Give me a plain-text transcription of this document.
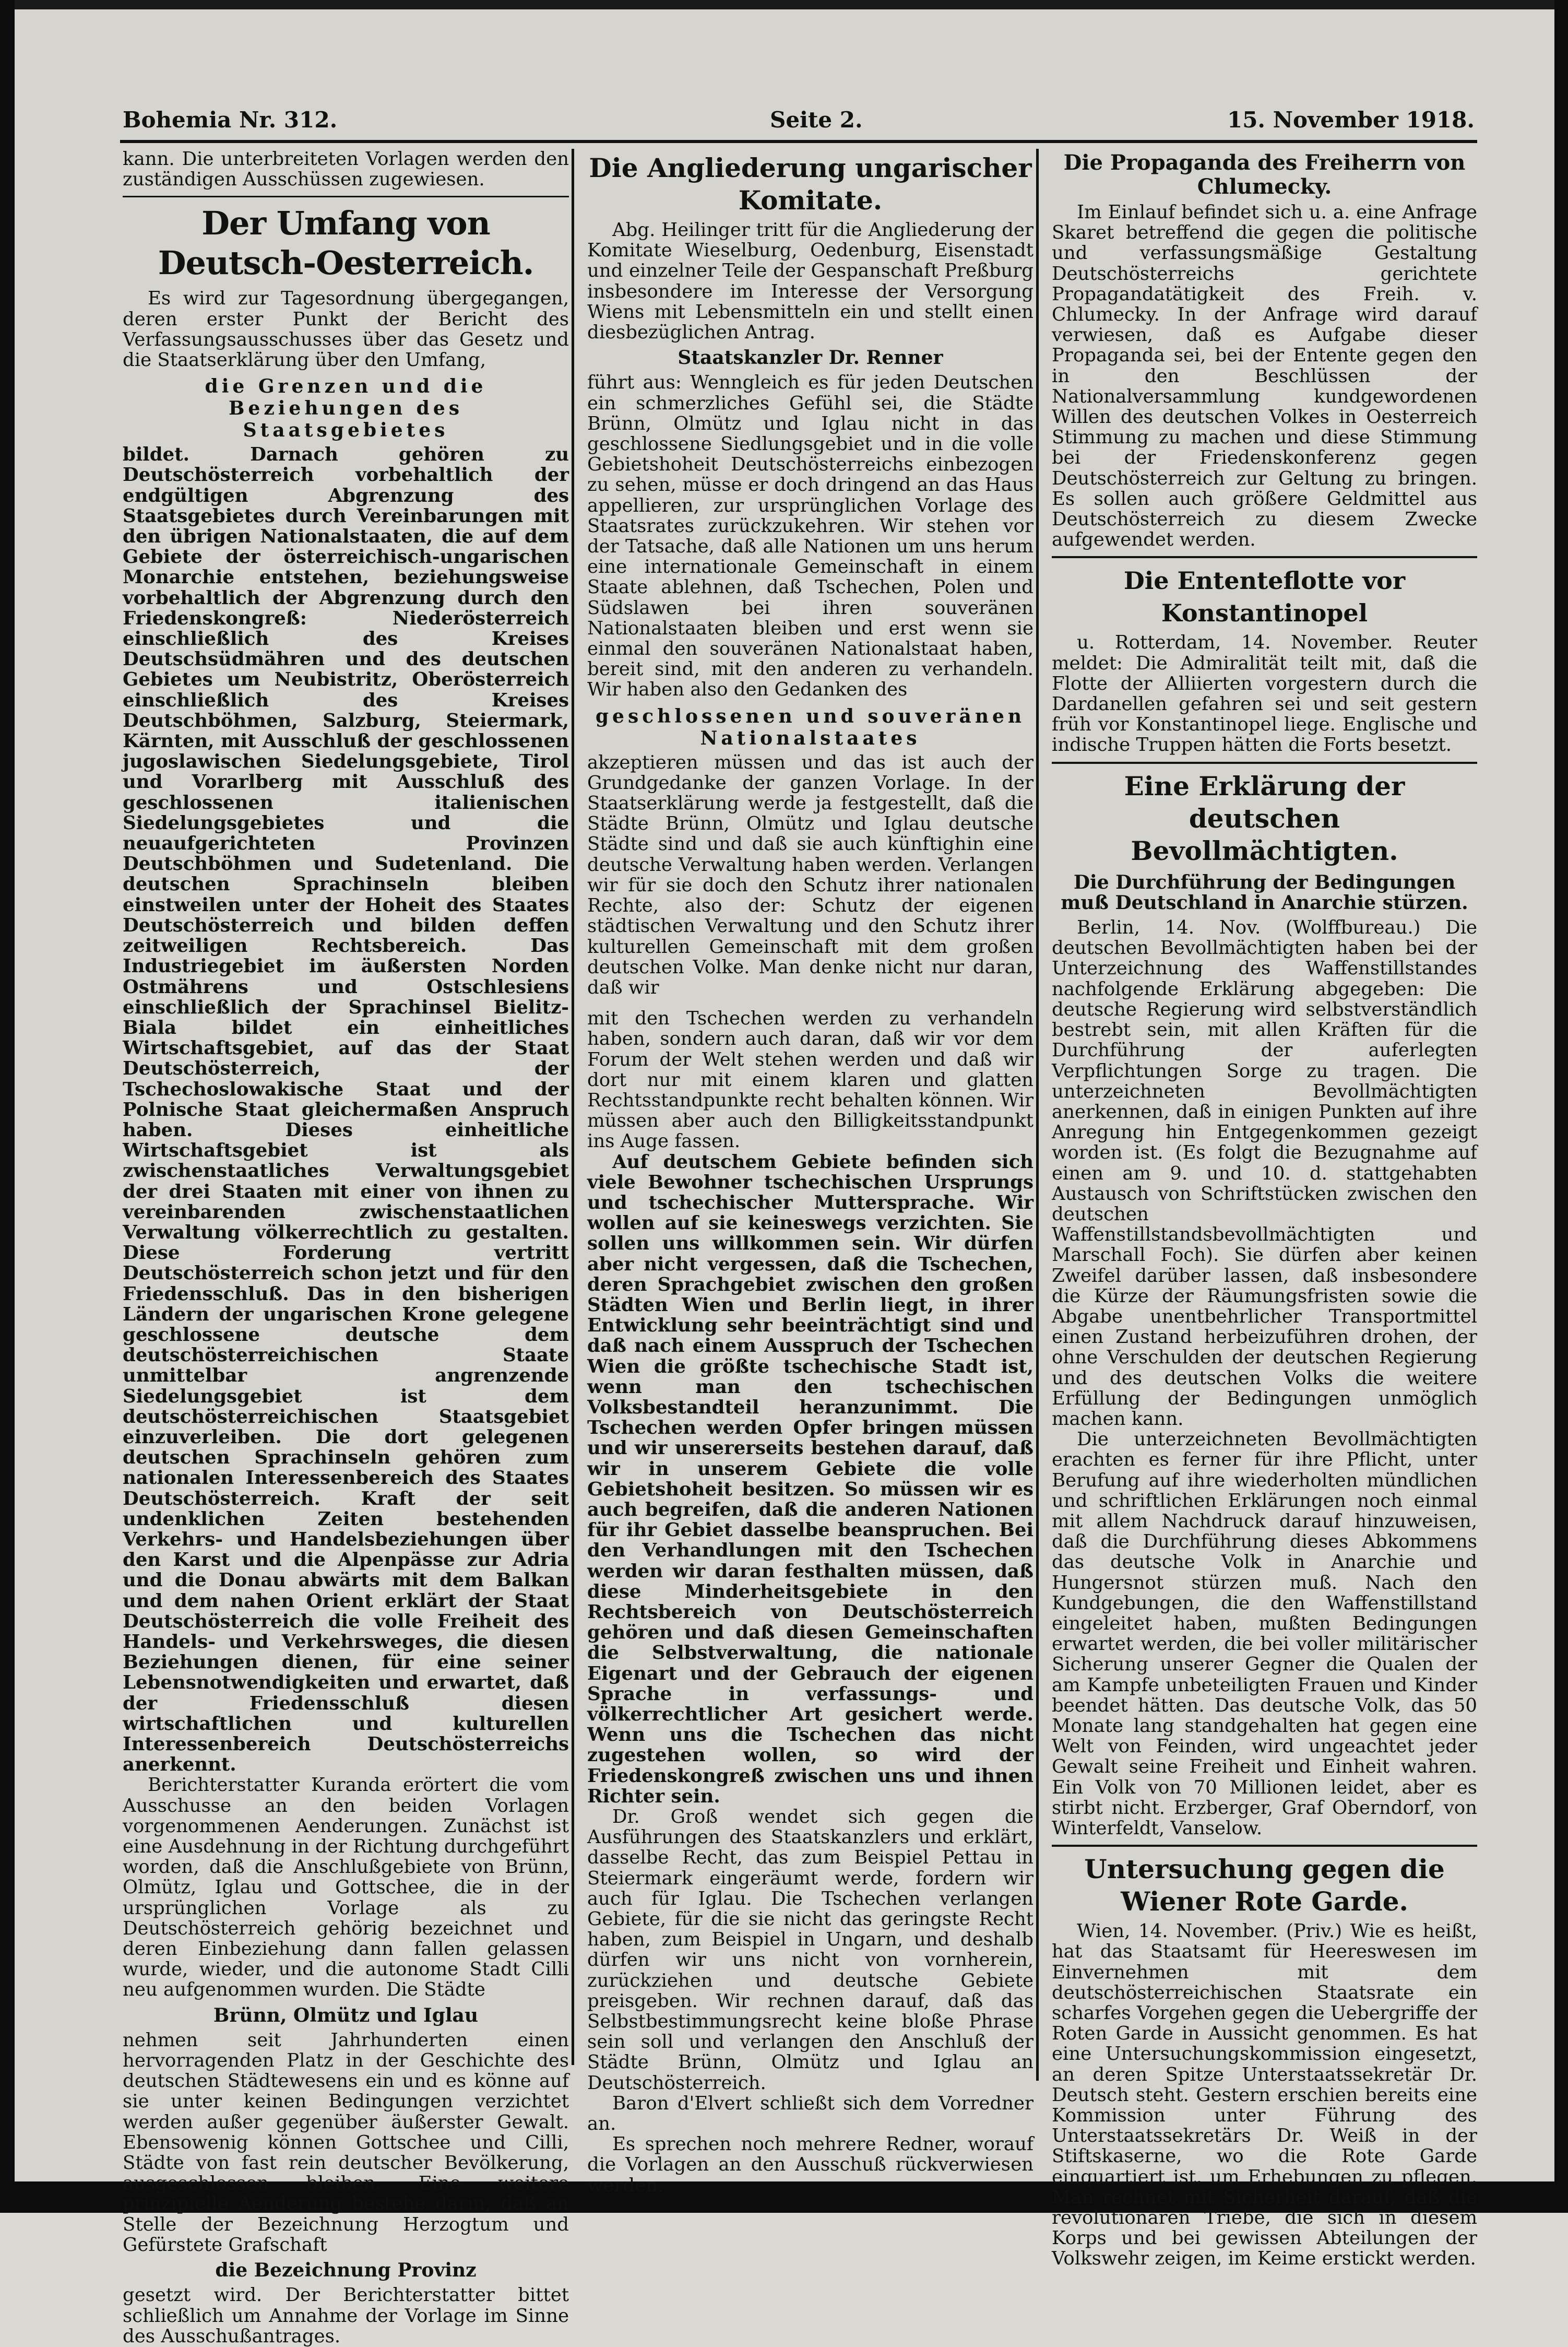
Bohemia Nr. 312.	Seite 2.	15. November 1918.

kann. Die unterbreiteten Vorlagen werden den zuständigen Ausschüssen zugewiesen.

Der Umfang von Deutsch-Oesterreich.

Es wird zur Tagesordnung übergegangen, deren erster Punkt der Bericht des Verfassungsausschusses über das Gesetz und die Staatserklärung über den Umfang,

die Grenzen und die Beziehungen des Staatsgebietes

bildet. Darnach gehören zu Deutschösterreich vorbehaltlich der endgültigen Abgrenzung des Staatsgebietes durch Vereinbarungen mit den übrigen Nationalstaaten, die auf dem Gebiete der österreichisch-ungarischen Monarchie entstehen, beziehungsweise vorbehaltlich der Abgrenzung durch den Friedenskongreß: Niederösterreich einschließlich des Kreises Deutschsüdmähren und des deutschen Gebietes um Neubistritz, Oberösterreich einschließlich des Kreises Deutschböhmen, Salzburg, Steiermark, Kärnten, mit Ausschluß der geschlossenen jugoslawischen Siedelungsgebiete, Tirol und Vorarlberg mit Ausschluß des geschlossenen italienischen Siedelungsgebietes und die neuaufgerichteten Provinzen Deutschböhmen und Sudetenland. Die deutschen Sprachinseln bleiben einstweilen unter der Hoheit des Staates Deutschösterreich und bilden deffen zeitweiligen Rechtsbereich. Das Industriegebiet im äußersten Norden Ostmährens und Ostschlesiens einschließlich der Sprachinsel Bielitz-Biala bildet ein einheitliches Wirtschaftsgebiet, auf das der Staat Deutschösterreich, der Tschechoslowakische Staat und der Polnische Staat gleichermaßen Anspruch haben. Dieses einheitliche Wirtschaftsgebiet ist als zwischenstaatliches Verwaltungsgebiet der drei Staaten mit einer von ihnen zu vereinbarenden zwischenstaatlichen Verwaltung völkerrechtlich zu gestalten. Diese Forderung vertritt Deutschösterreich schon jetzt und für den Friedensschluß. Das in den bisherigen Ländern der ungarischen Krone gelegene geschlossene deutsche dem deutschösterreichischen Staate unmittelbar angrenzende Siedelungsgebiet ist dem deutschösterreichischen Staatsgebiet einzuverleiben. Die dort gelegenen deutschen Sprachinseln gehören zum nationalen Interessenbereich des Staates Deutschösterreich. Kraft der seit undenklichen Zeiten bestehenden Verkehrs- und Handelsbeziehungen über den Karst und die Alpenpässe zur Adria und die Donau abwärts mit dem Balkan und dem nahen Orient erklärt der Staat Deutschösterreich die volle Freiheit des Handels- und Verkehrsweges, die diesen Beziehungen dienen, für eine seiner Lebensnotwendigkeiten und erwartet, daß der Friedensschluß diesen wirtschaftlichen und kulturellen Interessenbereich Deutschösterreichs anerkennt.

Berichterstatter Kuranda erörtert die vom Ausschusse an den beiden Vorlagen vorgenommenen Aenderungen. Zunächst ist eine Ausdehnung in der Richtung durchgeführt worden, daß die Anschlußgebiete von Brünn, Olmütz, Iglau und Gottschee, die in der ursprünglichen Vorlage als zu Deutschösterreich gehörig bezeichnet und deren Einbeziehung dann fallen gelassen wurde, wieder, und die autonome Stadt Cilli neu aufgenommen wurden. Die Städte

Brünn, Olmütz und Iglau

nehmen seit Jahrhunderten einen hervorragenden Platz in der Geschichte des deutschen Städtewesens ein und es könne auf sie unter keinen Bedingungen verzichtet werden außer gegenüber äußerster Gewalt. Ebensowenig können Gottschee und Cilli, Städte von fast rein deutscher Bevölkerung, ausgeschlossen bleiben. Eine weitere prinzipielle Aenderung bestehe darin, daß an Stelle der Bezeichnung Herzogtum und Gefürstete Grafschaft

die Bezeichnung Provinz

gesetzt wird. Der Berichterstatter bittet schließlich um Annahme der Vorlage im Sinne des Ausschußantrages.

Die Angliederung ungarischer Komitate.

Abg. Heilinger tritt für die Angliederung der Komitate Wieselburg, Oedenburg, Eisenstadt und einzelner Teile der Gespanschaft Preßburg insbesondere im Interesse der Versorgung Wiens mit Lebensmitteln ein und stellt einen diesbezüglichen Antrag.

Staatskanzler Dr. Renner

führt aus: Wenngleich es für jeden Deutschen ein schmerzliches Gefühl sei, die Städte Brünn, Olmütz und Iglau nicht in das geschlossene Siedlungsgebiet und in die volle Gebietshoheit Deutschösterreichs einbezogen zu sehen, müsse er doch dringend an das Haus appellieren, zur ursprünglichen Vorlage des Staatsrates zurückzukehren. Wir stehen vor der Tatsache, daß alle Nationen um uns herum eine internationale Gemeinschaft in einem Staate ablehnen, daß Tschechen, Polen und Südslawen bei ihren souveränen Nationalstaaten bleiben und erst wenn sie einmal den souveränen Nationalstaat haben, bereit sind, mit den anderen zu verhandeln. Wir haben also den Gedanken des

geschlossenen und souveränen Nationalstaates

akzeptieren müssen und das ist auch der Grundgedanke der ganzen Vorlage. In der Staatserklärung werde ja festgestellt, daß die Städte Brünn, Olmütz und Iglau deutsche Städte sind und daß sie auch künftighin eine deutsche Verwaltung haben werden. Verlangen wir für sie doch den Schutz ihrer nationalen Rechte, also der: Schutz der eigenen städtischen Verwaltung und den Schutz ihrer kulturellen Gemeinschaft mit dem großen deutschen Volke. Man denke nicht nur daran, daß wir

mit den Tschechen werden zu verhandeln haben, sondern auch daran, daß wir vor dem Forum der Welt stehen werden und daß wir dort nur mit einem klaren und glatten Rechtsstandpunkte recht behalten können. Wir müssen aber auch den Billigkeitsstandpunkt ins Auge fassen.

Auf deutschem Gebiete befinden sich viele Bewohner tschechischen Ursprungs und tschechischer Muttersprache. Wir wollen auf sie keineswegs verzichten. Sie sollen uns willkommen sein. Wir dürfen aber nicht vergessen, daß die Tschechen, deren Sprachgebiet zwischen den großen Städten Wien und Berlin liegt, in ihrer Entwicklung sehr beeinträchtigt sind und daß nach einem Ausspruch der Tschechen Wien die größte tschechische Stadt ist, wenn man den tschechischen Volksbestandteil heranzunimmt. Die Tschechen werden Opfer bringen müssen und wir unsererseits bestehen darauf, daß wir in unserem Gebiete die volle Gebietshoheit besitzen. So müssen wir es auch begreifen, daß die anderen Nationen für ihr Gebiet dasselbe beanspruchen. Bei den Verhandlungen mit den Tschechen werden wir daran festhalten müssen, daß diese Minderheitsgebiete in den Rechtsbereich von Deutschösterreich gehören und daß diesen Gemeinschaften die Selbstverwaltung, die nationale Eigenart und der Gebrauch der eigenen Sprache in verfassungs- und völkerrechtlicher Art gesichert werde. Wenn uns die Tschechen das nicht zugestehen wollen, so wird der Friedenskongreß zwischen uns und ihnen Richter sein.

Dr. Groß wendet sich gegen die Ausführungen des Staatskanzlers und erklärt, dasselbe Recht, das zum Beispiel Pettau in Steiermark eingeräumt werde, fordern wir auch für Iglau. Die Tschechen verlangen Gebiete, für die sie nicht das geringste Recht haben, zum Beispiel in Ungarn, und deshalb dürfen wir uns nicht von vornherein, zurückziehen und deutsche Gebiete preisgeben. Wir rechnen darauf, daß das Selbstbestimmungsrecht keine bloße Phrase sein soll und verlangen den Anschluß der Städte Brünn, Olmütz und Iglau an Deutschösterreich.

Baron d'Elvert schließt sich dem Vorredner an.

Es sprechen noch mehrere Redner, worauf die Vorlagen an den Ausschuß rückverwiesen werden.

Die Propaganda des Freiherrn von Chlumecky.

Im Einlauf befindet sich u. a. eine Anfrage Skaret betreffend die gegen die politische und verfassungsmäßige Gestaltung Deutschösterreichs gerichtete Propagandatätigkeit des Freih. v. Chlumecky. In der Anfrage wird darauf verwiesen, daß es Aufgabe dieser Propaganda sei, bei der Entente gegen den in den Beschlüssen der Nationalversammlung kundgewordenen Willen des deutschen Volkes in Oesterreich Stimmung zu machen und diese Stimmung bei der Friedenskonferenz gegen Deutschösterreich zur Geltung zu bringen. Es sollen auch größere Geldmittel aus Deutschösterreich zu diesem Zwecke aufgewendet werden.

Die Ententeflotte vor Konstantinopel

u. Rotterdam, 14. November. Reuter meldet: Die Admiralität teilt mit, daß die Flotte der Alliierten vorgestern durch die Dardanellen gefahren sei und seit gestern früh vor Konstantinopel liege. Englische und indische Truppen hätten die Forts besetzt.

Eine Erklärung der deutschen Bevollmächtigten.
Die Durchführung der Bedingungen muß Deutschland in Anarchie stürzen.

Berlin, 14. Nov. (Wolffbureau.) Die deutschen Bevollmächtigten haben bei der Unterzeichnung des Waffenstillstandes nachfolgende Erklärung abgegeben: Die deutsche Regierung wird selbstverständlich bestrebt sein, mit allen Kräften für die Durchführung der auferlegten Verpflichtungen Sorge zu tragen. Die unterzeichneten Bevollmächtigten anerkennen, daß in einigen Punkten auf ihre Anregung hin Entgegenkommen gezeigt worden ist. (Es folgt die Bezugnahme auf einen am 9. und 10. d. stattgehabten Austausch von Schriftstücken zwischen den deutschen Waffenstillstandsbevollmächtigten und Marschall Foch). Sie dürfen aber keinen Zweifel darüber lassen, daß insbesondere die Kürze der Räumungsfristen sowie die Abgabe unentbehrlicher Transportmittel einen Zustand herbeizuführen drohen, der ohne Verschulden der deutschen Regierung und des deutschen Volks die weitere Erfüllung der Bedingungen unmöglich machen kann.

Die unterzeichneten Bevollmächtigten erachten es ferner für ihre Pflicht, unter Berufung auf ihre wiederholten mündlichen und schriftlichen Erklärungen noch einmal mit allem Nachdruck darauf hinzuweisen, daß die Durchführung dieses Abkommens das deutsche Volk in Anarchie und Hungersnot stürzen muß. Nach den Kundgebungen, die den Waffenstillstand eingeleitet haben, mußten Bedingungen erwartet werden, die bei voller militärischer Sicherung unserer Gegner die Qualen der am Kampfe unbeteiligten Frauen und Kinder beendet hätten. Das deutsche Volk, das 50 Monate lang standgehalten hat gegen eine Welt von Feinden, wird ungeachtet jeder Gewalt seine Freiheit und Einheit wahren. Ein Volk von 70 Millionen leidet, aber es stirbt nicht. Erzberger, Graf Oberndorf, von Winterfeldt, Vanselow.

Untersuchung gegen die Wiener Rote Garde.

Wien, 14. November. (Priv.) Wie es heißt, hat das Staatsamt für Heereswesen im Einvernehmen mit dem deutschösterreichischen Staatsrate ein scharfes Vorgehen gegen die Uebergriffe der Roten Garde in Aussicht genommen. Es hat eine Untersuchungskommission eingesetzt, an deren Spitze Unterstaatssekretär Dr. Deutsch steht. Gestern erschien bereits eine Kommission unter Führung des Unterstaatssekretärs Dr. Weiß in der Stiftskaserne, wo die Rote Garde einquartiert ist, um Erhebungen zu pflegen. Man rechnet mit Sicherheit darauf, daß die revolutionären Triebe, die sich in diesem Korps und bei gewissen Abteilungen der Volkswehr zeigen, im Keime erstickt werden.
